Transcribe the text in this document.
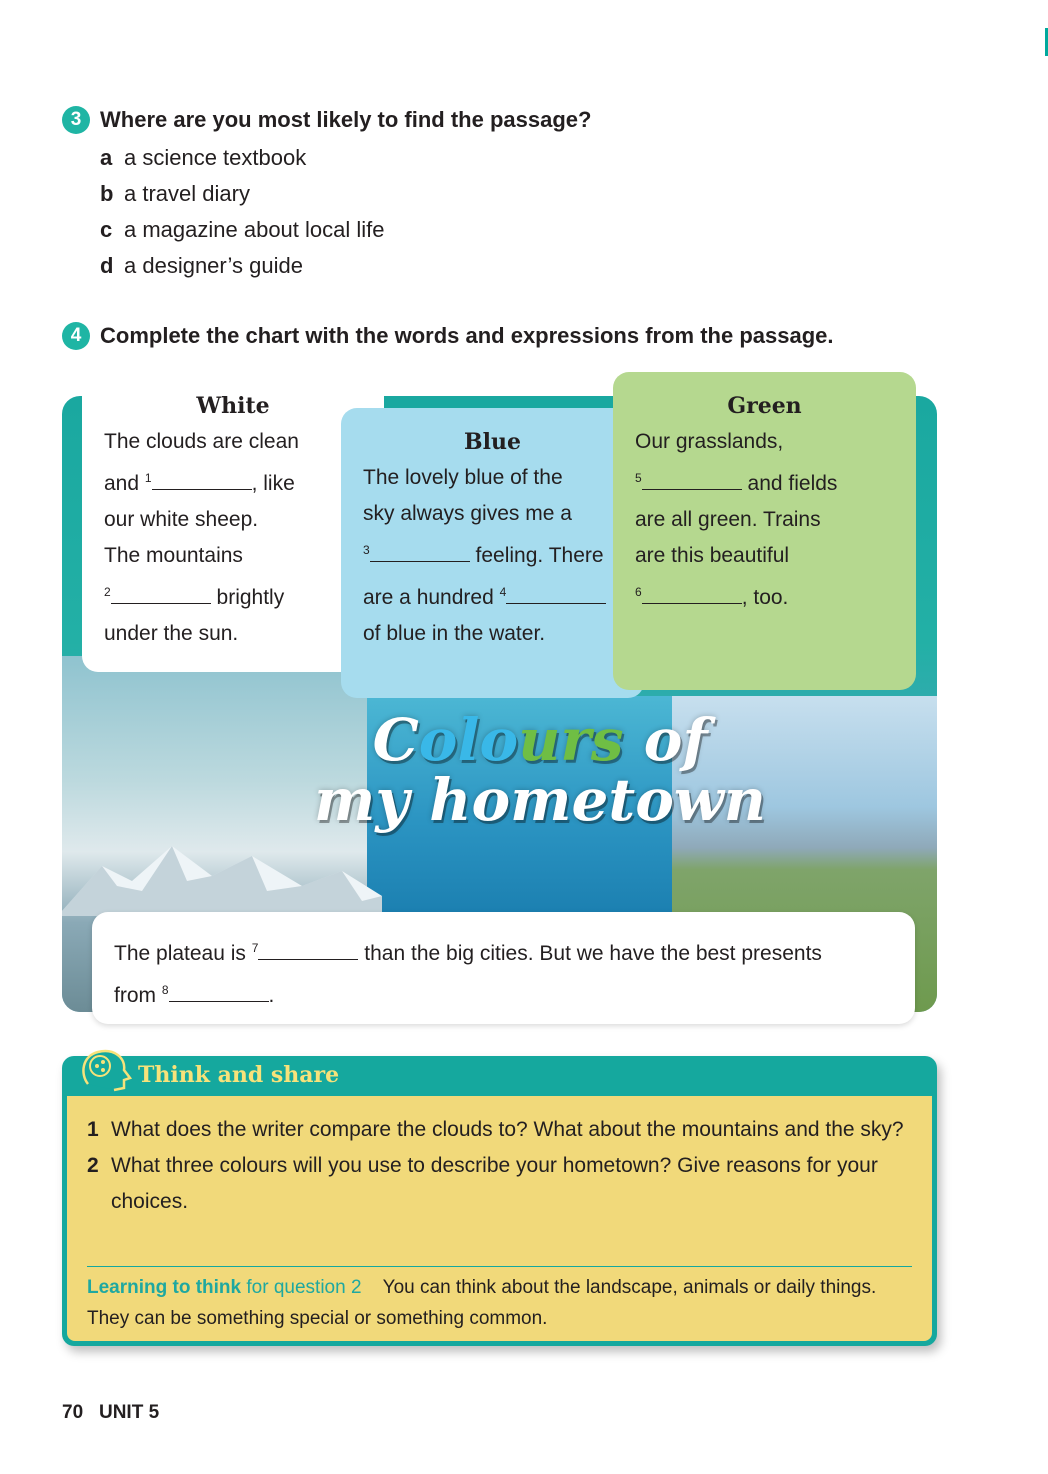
3 Where are you most likely to find the passage?
a a science textbook
b a travel diary
c a magazine about local life
d a designer’s guide
4 Complete the chart with the words and expressions from the passage.
White
The clouds are clean
and $^1$	, like
our white sheep.
The mountains
$^2$	brightly
under the sun.
Blue
The lovely blue of the
sky always gives me a
$^3$	feeling. There
are a hundred $^4$
of blue in the water.
Green
Our grasslands,
$^5$	and fields
are all green. Trains
are this beautiful
$^6$	, too.
Colours of
my hometown
The plateau is $^7$	than the big cities. But we have the best presents
from $^8$	.
Think and share
1 What does the writer compare the clouds to? What about the mountains and the sky?
2 What three colours will you use to describe your hometown? Give reasons for your choices.
Learning to think for question 2 You can think about the landscape, animals or daily things. They can be something special or something common.
70 UNIT 5
